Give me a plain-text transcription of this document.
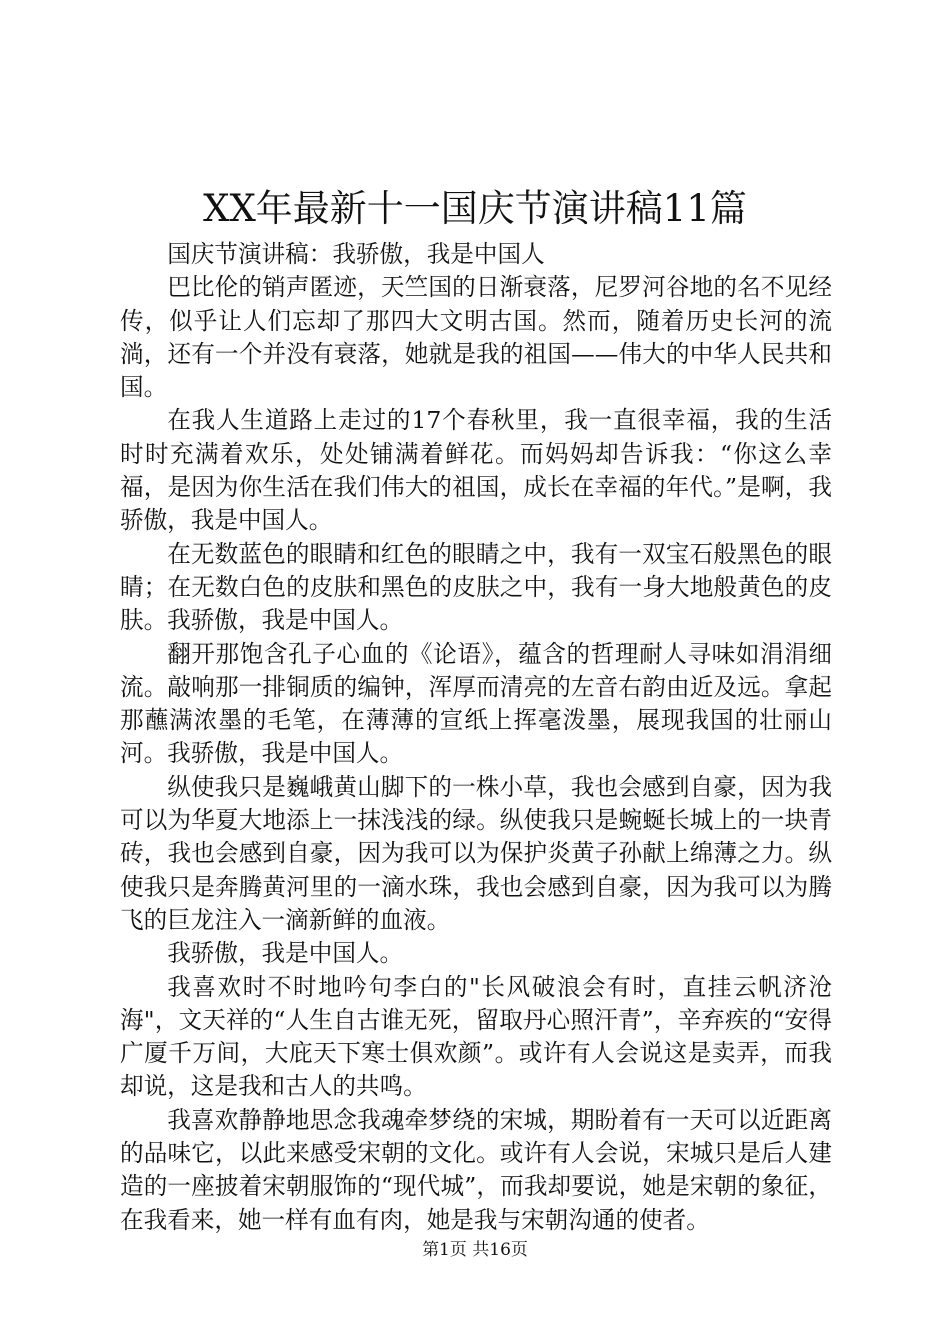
XX年最新十一国庆节演讲稿11篇

国庆节演讲稿：我骄傲，我是中国人

巴比伦的销声匿迹，天竺国的日渐衰落，尼罗河谷地的名不见经传，似乎让人们忘却了那四大文明古国。然而，随着历史长河的流淌，还有一个并没有衰落，她就是我的祖国——伟大的中华人民共和国。

在我人生道路上走过的17个春秋里，我一直很幸福，我的生活时时充满着欢乐，处处铺满着鲜花。而妈妈却告诉我：“你这么幸福，是因为你生活在我们伟大的祖国，成长在幸福的年代。”是啊，我骄傲，我是中国人。

在无数蓝色的眼睛和红色的眼睛之中，我有一双宝石般黑色的眼睛；在无数白色的皮肤和黑色的皮肤之中，我有一身大地般黄色的皮肤。我骄傲，我是中国人。

翻开那饱含孔子心血的《论语》，蕴含的哲理耐人寻味如涓涓细流。敲响那一排铜质的编钟，浑厚而清亮的左音右韵由近及远。拿起那蘸满浓墨的毛笔，在薄薄的宣纸上挥毫泼墨，展现我国的壮丽山河。我骄傲，我是中国人。

纵使我只是巍峨黄山脚下的一株小草，我也会感到自豪，因为我可以为华夏大地添上一抹浅浅的绿。纵使我只是蜿蜒长城上的一块青砖，我也会感到自豪，因为我可以为保护炎黄子孙献上绵薄之力。纵使我只是奔腾黄河里的一滴水珠，我也会感到自豪，因为我可以为腾飞的巨龙注入一滴新鲜的血液。

我骄傲，我是中国人。

我喜欢时不时地吟句李白的"长风破浪会有时，直挂云帆济沧海"，文天祥的“人生自古谁无死，留取丹心照汗青”，辛弃疾的“安得广厦千万间，大庇天下寒士俱欢颜”。或许有人会说这是卖弄，而我却说，这是我和古人的共鸣。

我喜欢静静地思念我魂牵梦绕的宋城，期盼着有一天可以近距离的品味它，以此来感受宋朝的文化。或许有人会说，宋城只是后人建造的一座披着宋朝服饰的“现代城”，而我却要说，她是宋朝的象征，在我看来，她一样有血有肉，她是我与宋朝沟通的使者。

第1页 共16页
